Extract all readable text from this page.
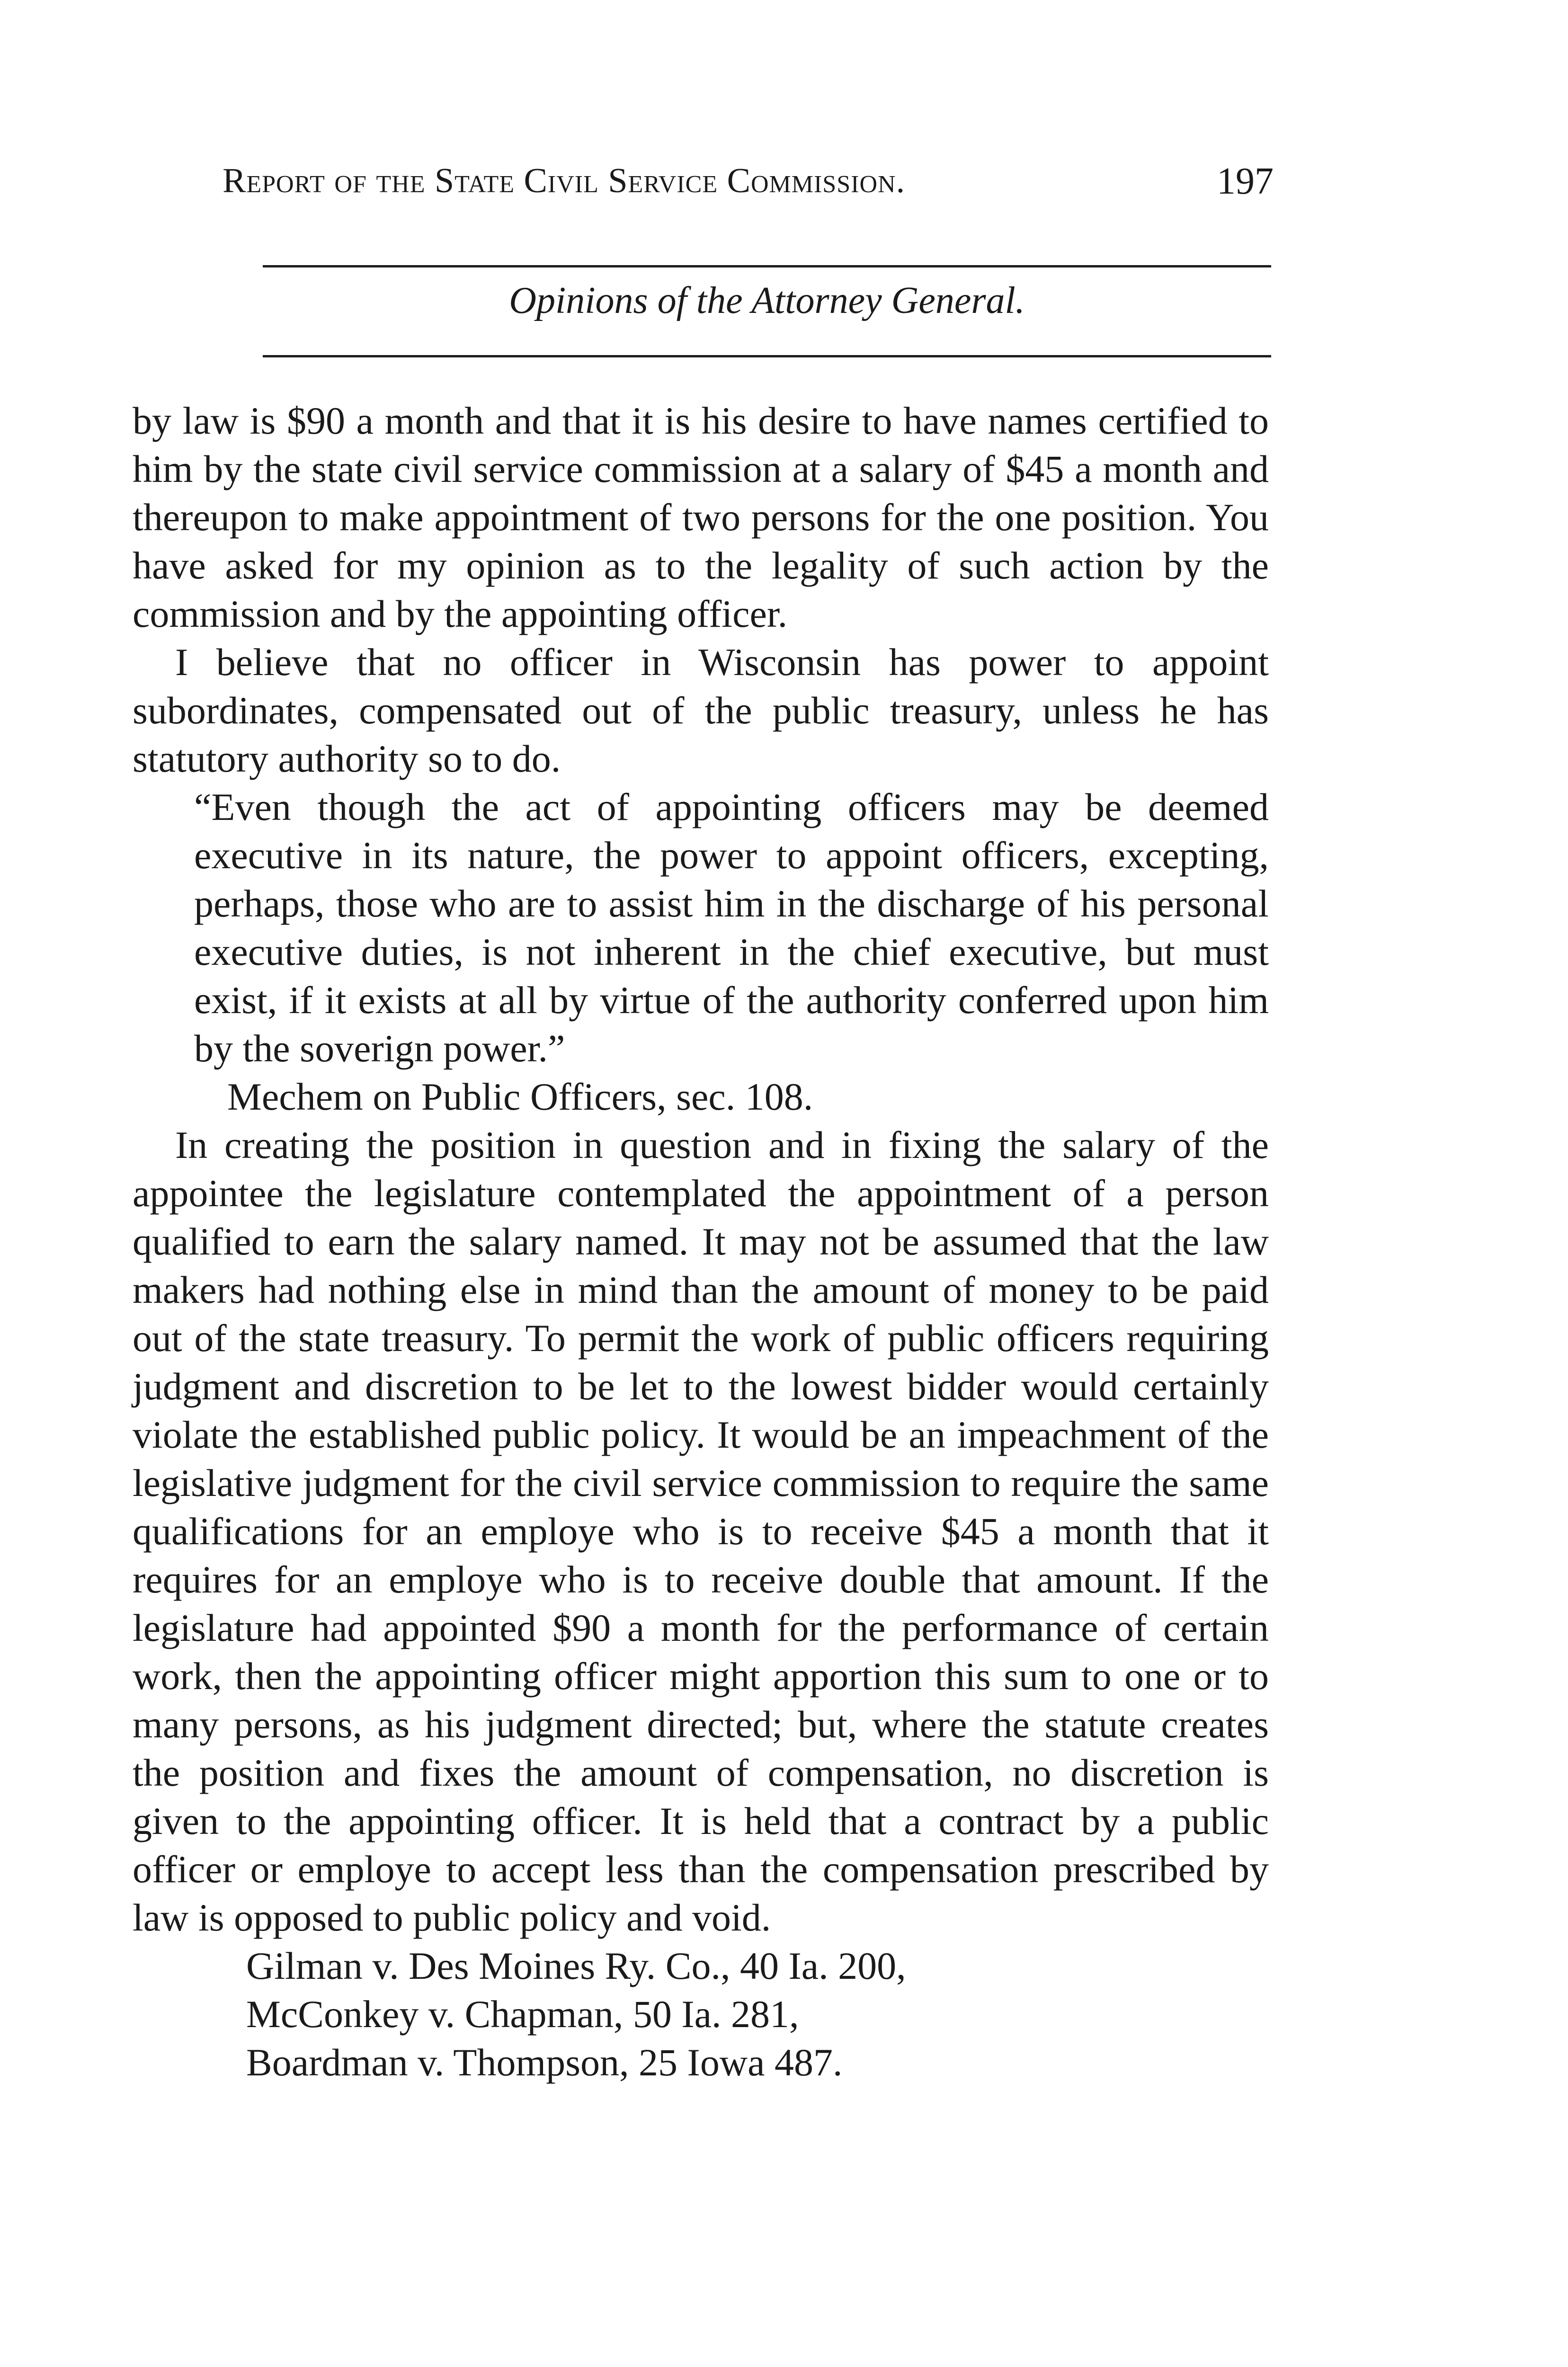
Report of the State Civil Service Commission.	197
Opinions of the Attorney General.

by law is $90 a month and that it is his desire to have names certified to him by the state civil service commission at a salary of $45 a month and thereupon to make appointment of two persons for the one position. You have asked for my opinion as to the legality of such action by the commission and by the appointing officer.

I believe that no officer in Wisconsin has power to appoint subordinates, compensated out of the public treasury, unless he has statutory authority so to do.

“Even though the act of appointing officers may be deemed executive in its nature, the power to appoint officers, excepting, perhaps, those who are to assist him in the discharge of his personal executive duties, is not inherent in the chief executive, but must exist, if it exists at all by virtue of the authority conferred upon him by the soverign power.”

Mechem on Public Officers, sec. 108.

In creating the position in question and in fixing the salary of the appointee the legislature contemplated the appointment of a person qualified to earn the salary named. It may not be assumed that the law makers had nothing else in mind than the amount of money to be paid out of the state treasury. To permit the work of public officers requiring judgment and discretion to be let to the lowest bidder would certainly violate the established public policy. It would be an impeachment of the legislative judgment for the civil service commission to require the same qualifications for an employe who is to receive $45 a month that it requires for an employe who is to receive double that amount. If the legislature had appointed $90 a month for the performance of certain work, then the appointing officer might apportion this sum to one or to many persons, as his judgment directed; but, where the statute creates the position and fixes the amount of compensation, no discretion is given to the appointing officer. It is held that a contract by a public officer or employe to accept less than the compensation prescribed by law is opposed to public policy and void.

Gilman v. Des Moines Ry. Co., 40 Ia. 200,
McConkey v. Chapman, 50 Ia. 281,
Boardman v. Thompson, 25 Iowa 487.
